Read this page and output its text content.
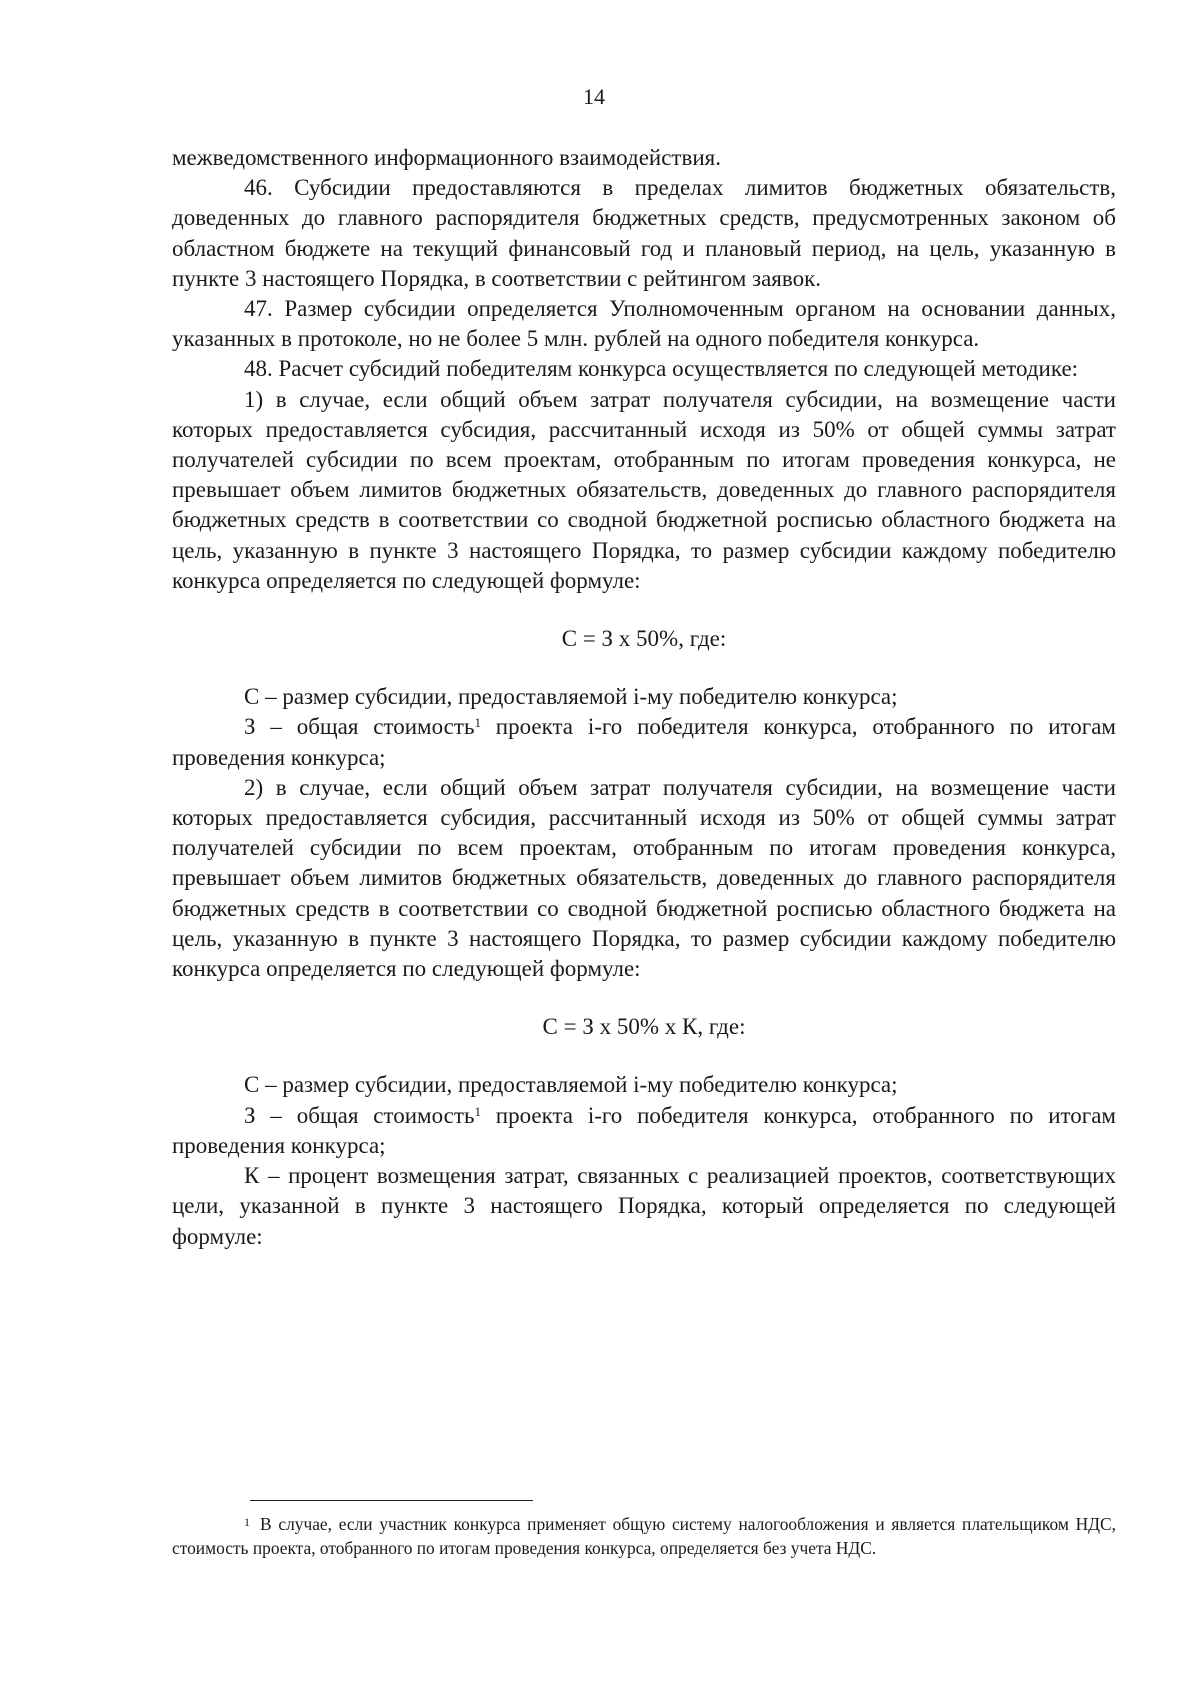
14

межведомственного информационного взаимодействия.

46. Субсидии предоставляются в пределах лимитов бюджетных обязательств, доведенных до главного распорядителя бюджетных средств, предусмотренных законом об областном бюджете на текущий финансовый год и плановый период, на цель, указанную в пункте 3 настоящего Порядка, в соответствии с рейтингом заявок.

47. Размер субсидии определяется Уполномоченным органом на основании данных, указанных в протоколе, но не более 5 млн. рублей на одного победителя конкурса.

48. Расчет субсидий победителям конкурса осуществляется по следующей методике:

1) в случае, если общий объем затрат получателя субсидии, на возмещение части которых предоставляется субсидия, рассчитанный исходя из 50% от общей суммы затрат получателей субсидии по всем проектам, отобранным по итогам проведения конкурса, не превышает объем лимитов бюджетных обязательств, доведенных до главного распорядителя бюджетных средств в соответствии со сводной бюджетной росписью областного бюджета на цель, указанную в пункте 3 настоящего Порядка, то размер субсидии каждому победителю конкурса определяется по следующей формуле:

С = З х 50%, где:

С – размер субсидии, предоставляемой i-му победителю конкурса;

З – общая стоимость$^1$ проекта i-го победителя конкурса, отобранного по итогам проведения конкурса;

2) в случае, если общий объем затрат получателя субсидии, на возмещение части которых предоставляется субсидия, рассчитанный исходя из 50% от общей суммы затрат получателей субсидии по всем проектам, отобранным по итогам проведения конкурса, превышает объем лимитов бюджетных обязательств, доведенных до главного распорядителя бюджетных средств в соответствии со сводной бюджетной росписью областного бюджета на цель, указанную в пункте 3 настоящего Порядка, то размер субсидии каждому победителю конкурса определяется по следующей формуле:

С = З х 50% х К, где:

С – размер субсидии, предоставляемой i-му победителю конкурса;

З – общая стоимость$^1$ проекта i-го победителя конкурса, отобранного по итогам проведения конкурса;

К – процент возмещения затрат, связанных с реализацией проектов, соответствующих цели, указанной в пункте 3 настоящего Порядка, который определяется по следующей формуле:

$^1$ В случае, если участник конкурса применяет общую систему налогообложения и является плательщиком НДС, стоимость проекта, отобранного по итогам проведения конкурса, определяется без учета НДС.
